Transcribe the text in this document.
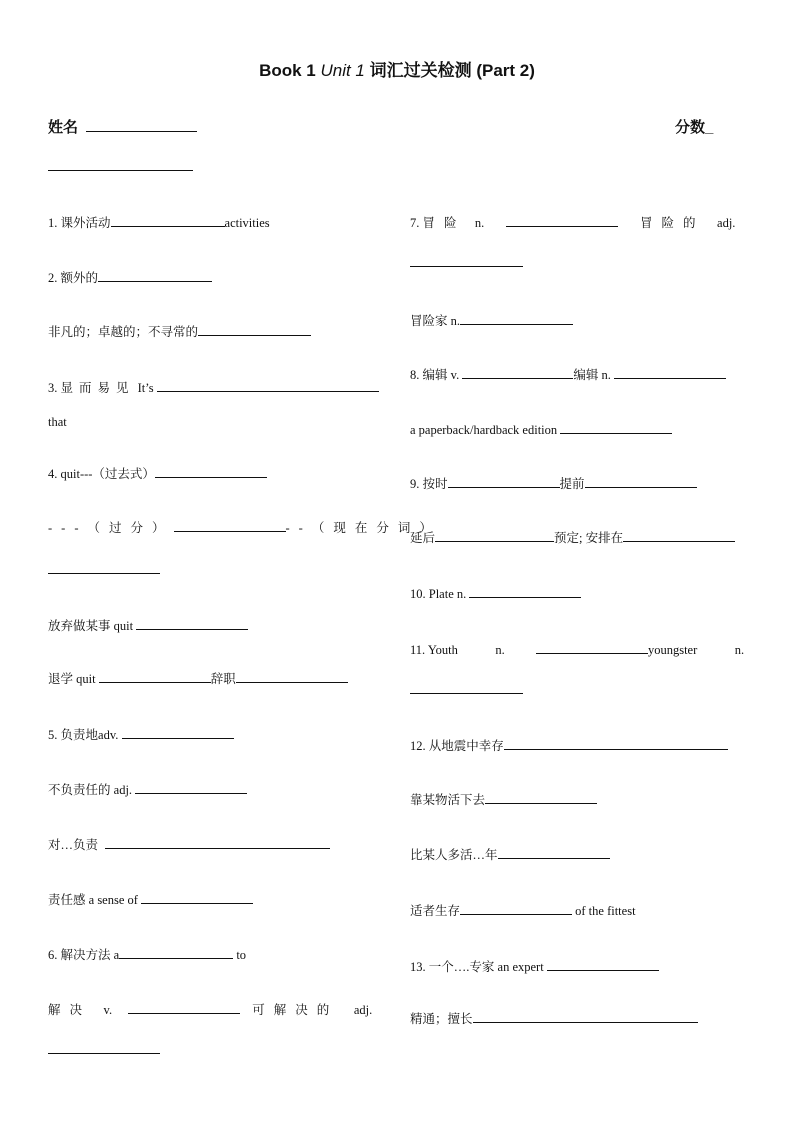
Book 1 Unit 1 词汇过关检测 (Part 2)
姓名	分数_
1. 课外活动	activities
2. 额外的
非凡的；卓越的；不寻常的
3. 显而易见 It’s
that
4. quit---（过去式）
---（过分）	--（现在分词）
放弃做某事 quit
退学 quit	辞职
5. 负责地adv.
不负责任的 adj.
对…负责
责任感 a sense of
6. 解决方法 a	to
解决 v.	可解决的 adj.
7. 冒险 n.	冒险的 adj.
冒险家 n.
8. 编辑 v.	编辑 n.
a paperback/hardback edition
9. 按时	提前
延后	预定; 安排在
10. Plate n.
11. Youth	n.	youngster	n.
12. 从地震中幸存
靠某物活下去
比某人多活…年
适者生存	of the fittest
13. 一个….专家 an expert
精通；擅长
